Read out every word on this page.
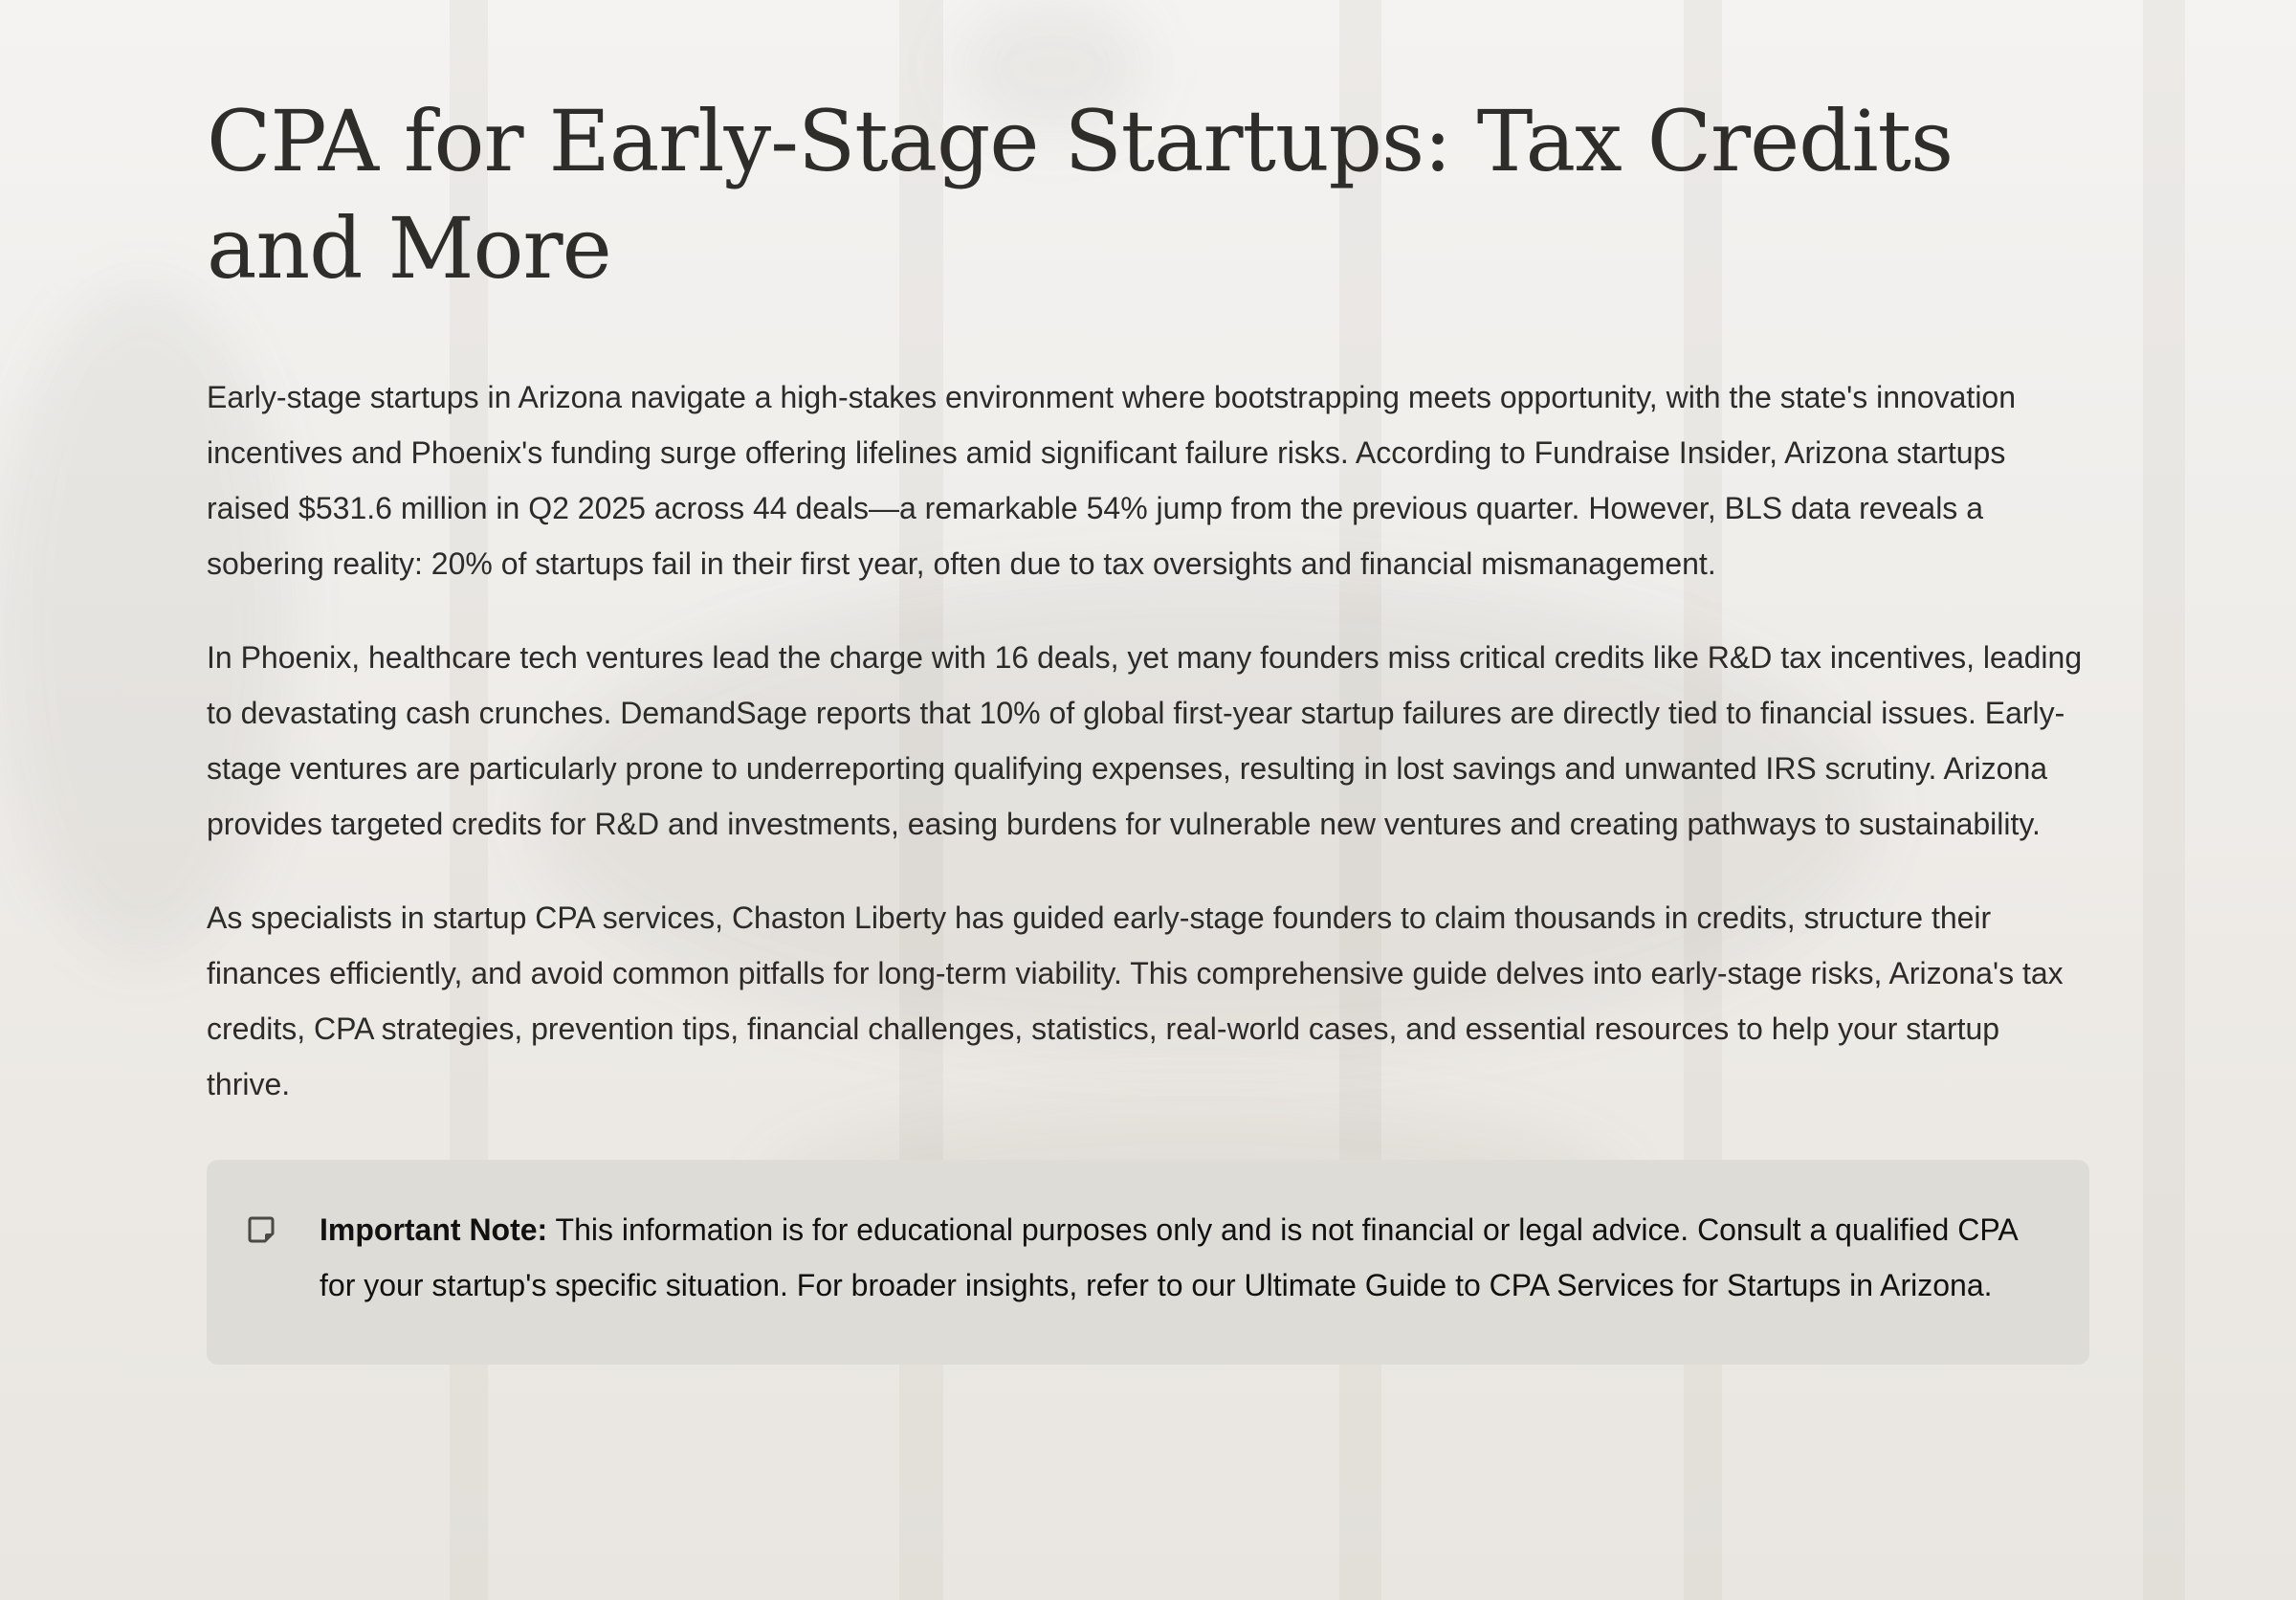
CPA for Early-Stage Startups: Tax Credits and More

Early-stage startups in Arizona navigate a high-stakes environment where bootstrapping meets opportunity, with the state's innovation incentives and Phoenix's funding surge offering lifelines amid significant failure risks. According to Fundraise Insider, Arizona startups raised $531.6 million in Q2 2025 across 44 deals—a remarkable 54% jump from the previous quarter. However, BLS data reveals a sobering reality: 20% of startups fail in their first year, often due to tax oversights and financial mismanagement.

In Phoenix, healthcare tech ventures lead the charge with 16 deals, yet many founders miss critical credits like R&D tax incentives, leading to devastating cash crunches. DemandSage reports that 10% of global first-year startup failures are directly tied to financial issues. Early-stage ventures are particularly prone to underreporting qualifying expenses, resulting in lost savings and unwanted IRS scrutiny. Arizona provides targeted credits for R&D and investments, easing burdens for vulnerable new ventures and creating pathways to sustainability.

As specialists in startup CPA services, Chaston Liberty has guided early-stage founders to claim thousands in credits, structure their finances efficiently, and avoid common pitfalls for long-term viability. This comprehensive guide delves into early-stage risks, Arizona's tax credits, CPA strategies, prevention tips, financial challenges, statistics, real-world cases, and essential resources to help your startup thrive.

Important Note: This information is for educational purposes only and is not financial or legal advice. Consult a qualified CPA for your startup's specific situation. For broader insights, refer to our Ultimate Guide to CPA Services for Startups in Arizona.
